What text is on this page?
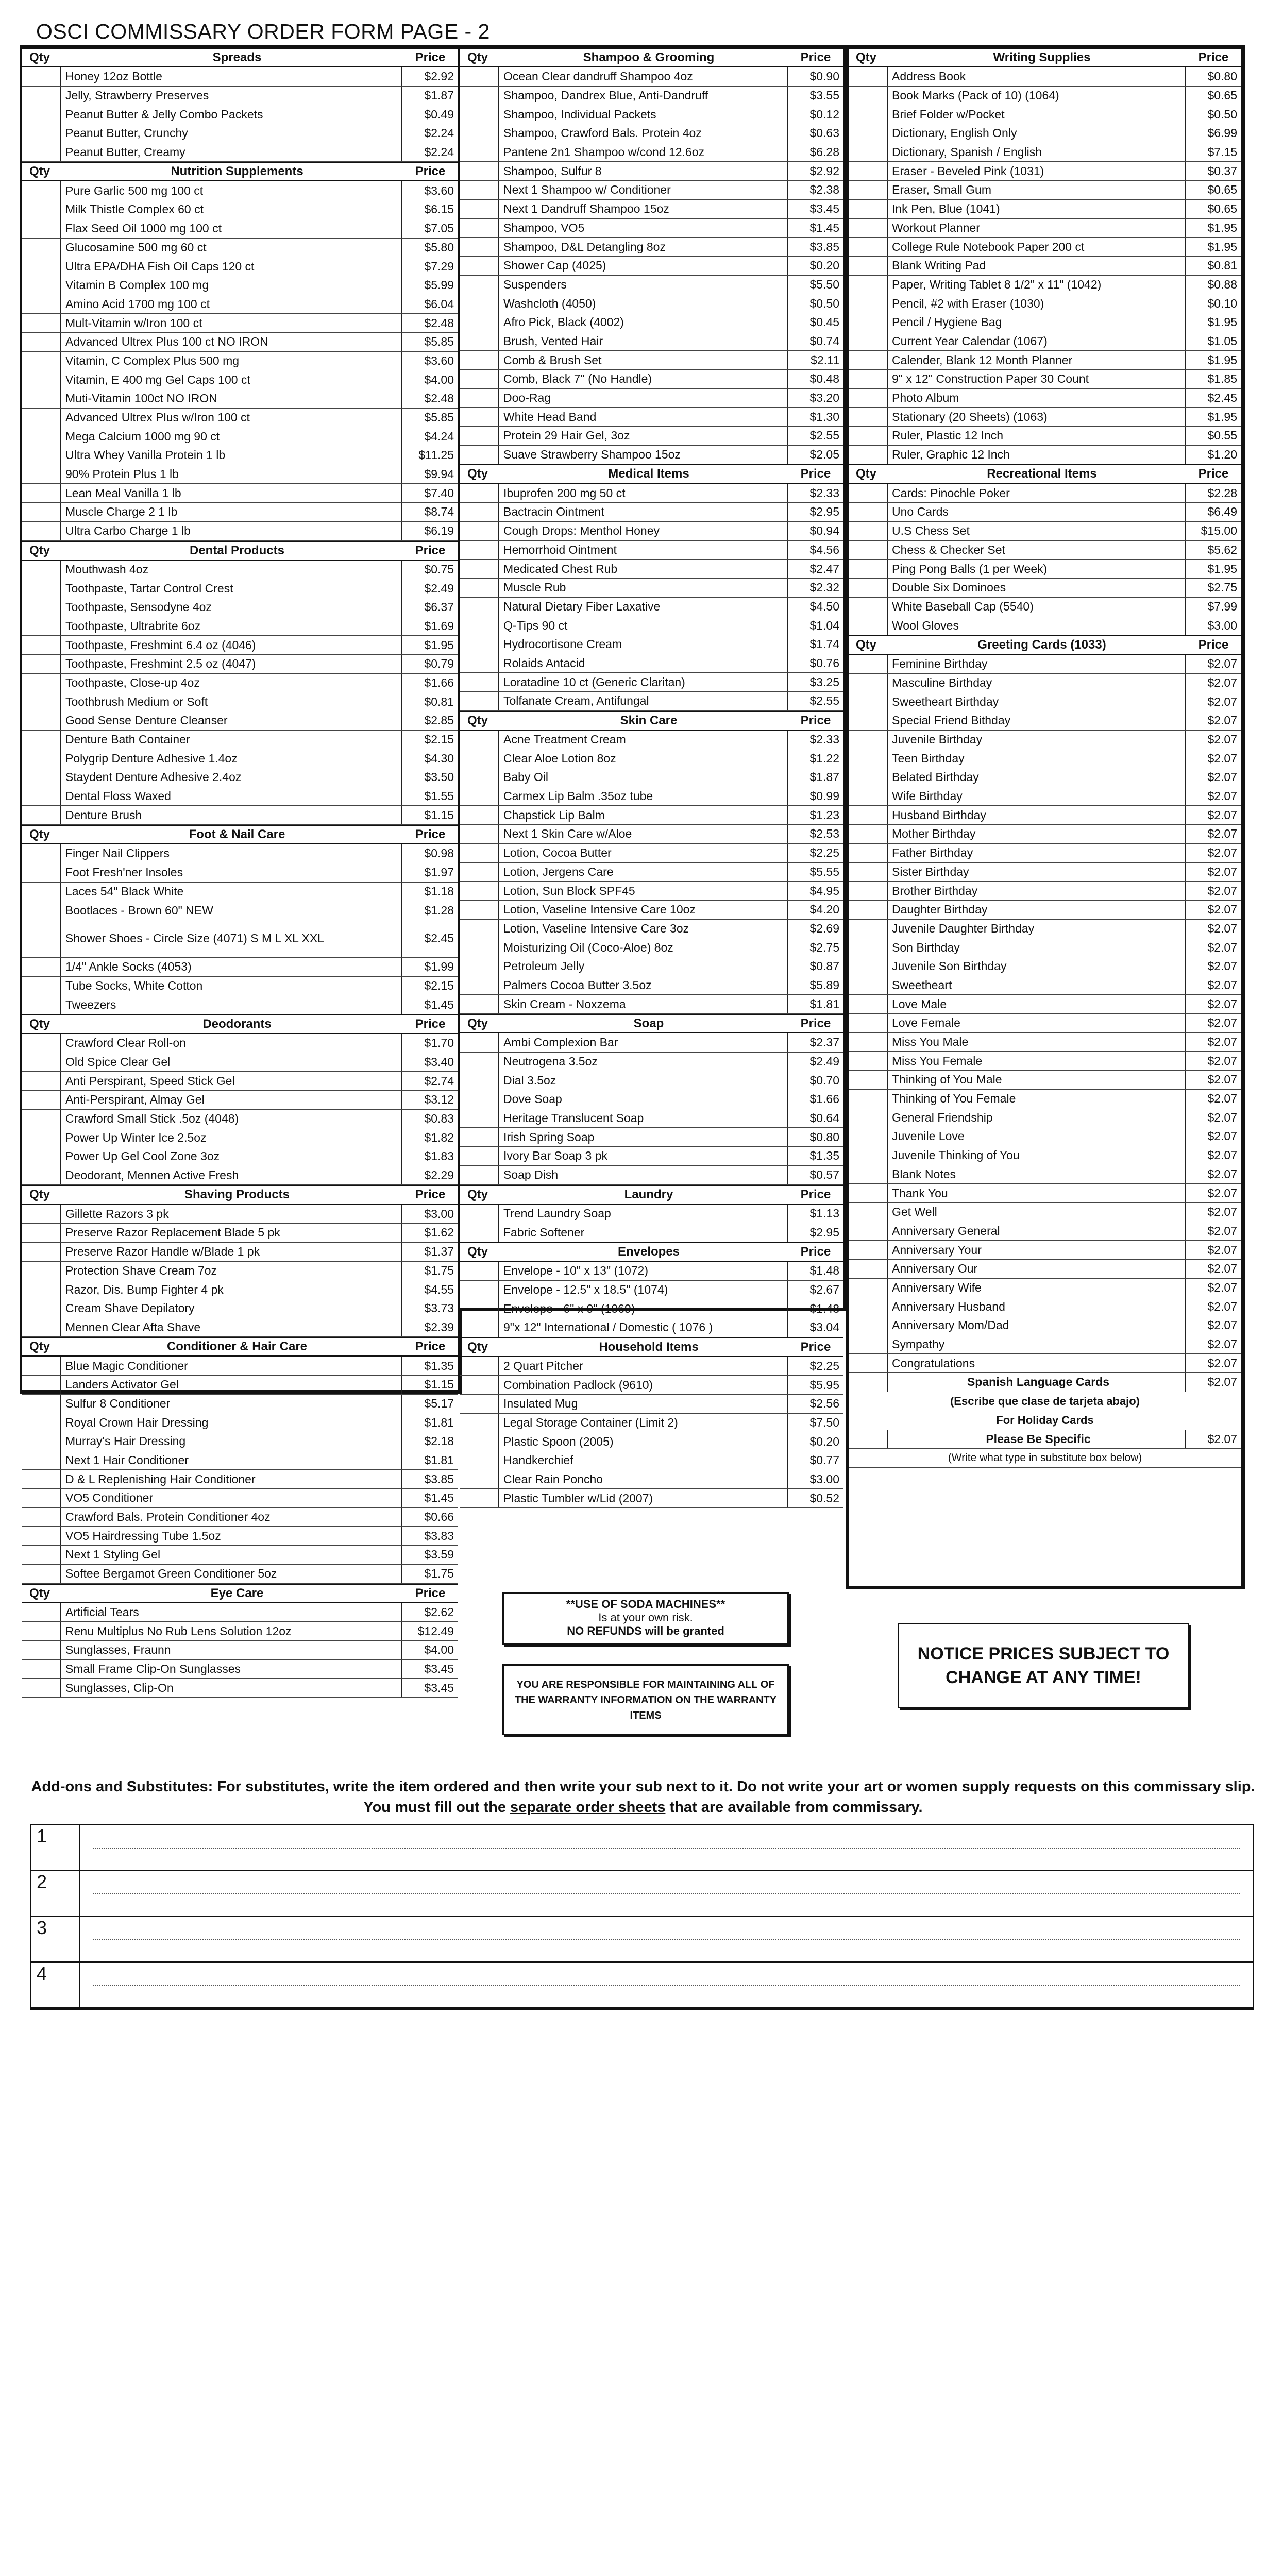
OSCI COMMISSARY ORDER FORM PAGE - 2
Qty	Spreads	Price
Honey 12oz Bottle	$2.92
Jelly, Strawberry Preserves	$1.87
Peanut Butter & Jelly Combo Packets	$0.49
Peanut Butter, Crunchy	$2.24
Peanut Butter, Creamy	$2.24
Qty	Nutrition Supplements	Price
Pure Garlic 500 mg 100 ct	$3.60
Milk Thistle Complex 60 ct	$6.15
Flax Seed Oil 1000 mg 100 ct	$7.05
Glucosamine 500 mg 60 ct	$5.80
Ultra EPA/DHA Fish Oil Caps 120 ct	$7.29
Vitamin B Complex 100 mg	$5.99
Amino Acid 1700 mg 100 ct	$6.04
Mult-Vitamin w/Iron 100 ct	$2.48
Advanced Ultrex Plus 100 ct NO IRON	$5.85
Vitamin, C Complex Plus 500 mg	$3.60
Vitamin, E 400 mg Gel Caps 100 ct	$4.00
Muti-Vitamin 100ct NO IRON	$2.48
Advanced Ultrex Plus w/Iron 100 ct	$5.85
Mega Calcium 1000 mg 90 ct	$4.24
Ultra Whey Vanilla Protein 1 lb	$11.25
90% Protein Plus 1 lb	$9.94
Lean Meal Vanilla 1 lb	$7.40
Muscle Charge 2 1 lb	$8.74
Ultra Carbo Charge 1 lb	$6.19
Qty	Dental Products	Price
Mouthwash 4oz	$0.75
Toothpaste, Tartar Control Crest	$2.49
Toothpaste, Sensodyne 4oz	$6.37
Toothpaste, Ultrabrite 6oz	$1.69
Toothpaste, Freshmint 6.4 oz (4046)	$1.95
Toothpaste, Freshmint 2.5 oz (4047)	$0.79
Toothpaste, Close-up 4oz	$1.66
Toothbrush Medium or Soft	$0.81
Good Sense Denture Cleanser	$2.85
Denture Bath Container	$2.15
Polygrip Denture Adhesive 1.4oz	$4.30
Staydent Denture Adhesive 2.4oz	$3.50
Dental Floss Waxed	$1.55
Denture Brush	$1.15
Qty	Foot & Nail Care	Price
Finger Nail Clippers	$0.98
Foot Fresh'ner Insoles	$1.97
Laces 54" Black White	$1.18
Bootlaces - Brown 60" NEW	$1.28
Shower Shoes - Circle Size (4071) S M L XL XXL	$2.45
1/4" Ankle Socks (4053)	$1.99
Tube Socks, White Cotton	$2.15
Tweezers	$1.45
Qty	Deodorants	Price
Crawford Clear Roll-on	$1.70
Old Spice Clear Gel	$3.40
Anti Perspirant, Speed Stick Gel	$2.74
Anti-Perspirant, Almay Gel	$3.12
Crawford Small Stick .5oz (4048)	$0.83
Power Up Winter Ice 2.5oz	$1.82
Power Up Gel Cool Zone 3oz	$1.83
Deodorant, Mennen Active Fresh	$2.29
Qty	Shaving Products	Price
Gillette Razors 3 pk	$3.00
Preserve Razor Replacement Blade 5 pk	$1.62
Preserve Razor Handle w/Blade 1 pk	$1.37
Protection Shave Cream 7oz	$1.75
Razor, Dis. Bump Fighter 4 pk	$4.55
Cream Shave Depilatory	$3.73
Mennen Clear Afta Shave	$2.39
Qty	Conditioner & Hair Care	Price
Blue Magic Conditioner	$1.35
Landers Activator Gel	$1.15
Sulfur 8 Conditioner	$5.17
Royal Crown Hair Dressing	$1.81
Murray's Hair Dressing	$2.18
Next 1 Hair Conditioner	$1.81
D & L Replenishing Hair Conditioner	$3.85
VO5 Conditioner	$1.45
Crawford Bals. Protein Conditioner 4oz	$0.66
VO5 Hairdressing Tube 1.5oz	$3.83
Next 1 Styling Gel	$3.59
Softee Bergamot Green Conditioner 5oz	$1.75
Qty	Eye Care	Price
Artificial Tears	$2.62
Renu Multiplus No Rub Lens Solution 12oz	$12.49
Sunglasses, Fraunn	$4.00
Small Frame Clip-On Sunglasses	$3.45
Sunglasses, Clip-On	$3.45
Qty	Shampoo & Grooming	Price
Ocean Clear dandruff Shampoo 4oz	$0.90
Shampoo, Dandrex Blue, Anti-Dandruff	$3.55
Shampoo, Individual Packets	$0.12
Shampoo, Crawford Bals. Protein 4oz	$0.63
Pantene 2n1 Shampoo w/cond 12.6oz	$6.28
Shampoo, Sulfur 8	$2.92
Next 1 Shampoo w/ Conditioner	$2.38
Next 1 Dandruff Shampoo 15oz	$3.45
Shampoo, VO5	$1.45
Shampoo, D&L Detangling 8oz	$3.85
Shower Cap (4025)	$0.20
Suspenders	$5.50
Washcloth (4050)	$0.50
Afro Pick, Black (4002)	$0.45
Brush, Vented Hair	$0.74
Comb & Brush Set	$2.11
Comb, Black 7" (No Handle)	$0.48
Doo-Rag	$3.20
White Head Band	$1.30
Protein 29 Hair Gel, 3oz	$2.55
Suave Strawberry Shampoo 15oz	$2.05
Qty	Medical Items	Price
Ibuprofen 200 mg 50 ct	$2.33
Bactracin Ointment	$2.95
Cough Drops: Menthol Honey	$0.94
Hemorrhoid Ointment	$4.56
Medicated Chest Rub	$2.47
Muscle Rub	$2.32
Natural Dietary Fiber Laxative	$4.50
Q-Tips 90 ct	$1.04
Hydrocortisone Cream	$1.74
Rolaids Antacid	$0.76
Loratadine 10 ct (Generic Claritan)	$3.25
Tolfanate Cream, Antifungal	$2.55
Qty	Skin Care	Price
Acne Treatment Cream	$2.33
Clear Aloe Lotion 8oz	$1.22
Baby Oil	$1.87
Carmex Lip Balm .35oz tube	$0.99
Chapstick Lip Balm	$1.23
Next 1 Skin Care w/Aloe	$2.53
Lotion, Cocoa Butter	$2.25
Lotion, Jergens Care	$5.55
Lotion, Sun Block SPF45	$4.95
Lotion, Vaseline Intensive Care 10oz	$4.20
Lotion, Vaseline Intensive Care 3oz	$2.69
Moisturizing Oil (Coco-Aloe) 8oz	$2.75
Petroleum Jelly	$0.87
Palmers Cocoa Butter 3.5oz	$5.89
Skin Cream - Noxzema	$1.81
Qty	Soap	Price
Ambi Complexion Bar	$2.37
Neutrogena 3.5oz	$2.49
Dial 3.5oz	$0.70
Dove Soap	$1.66
Heritage Translucent Soap	$0.64
Irish Spring Soap	$0.80
Ivory Bar Soap 3 pk	$1.35
Soap Dish	$0.57
Qty	Laundry	Price
Trend Laundry Soap	$1.13
Fabric Softener	$2.95
Qty	Envelopes	Price
Envelope - 10" x 13" (1072)	$1.48
Envelope - 12.5" x 18.5" (1074)	$2.67
Envelope - 6" x 9" (1069)	$1.48
9"x 12" International / Domestic ( 1076 )	$3.04
Qty	Household Items	Price
2 Quart Pitcher	$2.25
Combination Padlock (9610)	$5.95
Insulated Mug	$2.56
Legal Storage Container (Limit 2)	$7.50
Plastic Spoon (2005)	$0.20
Handkerchief	$0.77
Clear Rain Poncho	$3.00
Plastic Tumbler w/Lid (2007)	$0.52
Qty	Writing Supplies	Price
Address Book	$0.80
Book Marks (Pack of 10) (1064)	$0.65
Brief Folder w/Pocket	$0.50
Dictionary, English Only	$6.99
Dictionary, Spanish / English	$7.15
Eraser - Beveled Pink (1031)	$0.37
Eraser, Small Gum	$0.65
Ink Pen, Blue (1041)	$0.65
Workout Planner	$1.95
College Rule Notebook Paper 200 ct	$1.95
Blank Writing Pad	$0.81
Paper, Writing Tablet 8 1/2" x 11" (1042)	$0.88
Pencil, #2 with Eraser (1030)	$0.10
Pencil / Hygiene Bag	$1.95
Current Year Calendar (1067)	$1.05
Calender, Blank 12 Month Planner	$1.95
9" x 12" Construction Paper 30 Count	$1.85
Photo Album	$2.45
Stationary (20 Sheets) (1063)	$1.95
Ruler, Plastic 12 Inch	$0.55
Ruler, Graphic 12 Inch	$1.20
Qty	Recreational Items	Price
Cards: Pinochle Poker	$2.28
Uno Cards	$6.49
U.S Chess Set	$15.00
Chess & Checker Set	$5.62
Ping Pong Balls (1 per Week)	$1.95
Double Six Dominoes	$2.75
White Baseball Cap (5540)	$7.99
Wool Gloves	$3.00
Qty	Greeting Cards (1033)	Price
Feminine Birthday	$2.07
Masculine Birthday	$2.07
Sweetheart Birthday	$2.07
Special Friend Bithday	$2.07
Juvenile Birthday	$2.07
Teen Birthday	$2.07
Belated Birthday	$2.07
Wife Birthday	$2.07
Husband Birthday	$2.07
Mother Birthday	$2.07
Father Birthday	$2.07
Sister Birthday	$2.07
Brother Birthday	$2.07
Daughter Birthday	$2.07
Juvenile Daughter Birthday	$2.07
Son Birthday	$2.07
Juvenile Son Birthday	$2.07
Sweetheart	$2.07
Love Male	$2.07
Love Female	$2.07
Miss You Male	$2.07
Miss You Female	$2.07
Thinking of You Male	$2.07
Thinking of You Female	$2.07
General Friendship	$2.07
Juvenile Love	$2.07
Juvenile Thinking of You	$2.07
Blank Notes	$2.07
Thank You	$2.07
Get Well	$2.07
Anniversary General	$2.07
Anniversary Your	$2.07
Anniversary Our	$2.07
Anniversary Wife	$2.07
Anniversary Husband	$2.07
Anniversary Mom/Dad	$2.07
Sympathy	$2.07
Congratulations	$2.07
Spanish Language Cards	$2.07
(Escribe que clase de tarjeta abajo)
For Holiday Cards
Please Be Specific	$2.07
(Write what type in substitute box below)
**USE OF SODA MACHINES**
Is at your own risk.
NO REFUNDS will be granted
YOU ARE RESPONSIBLE FOR MAINTAINING ALL OF THE WARRANTY INFORMATION ON THE WARRANTY ITEMS
NOTICE PRICES SUBJECT TO CHANGE AT ANY TIME!
Add-ons and Substitutes: For substitutes, write the item ordered and then write your sub next to it. Do not write your art or women supply requests on this commissary slip. You must fill out the separate order sheets that are available from commissary.
1
2
3
4
